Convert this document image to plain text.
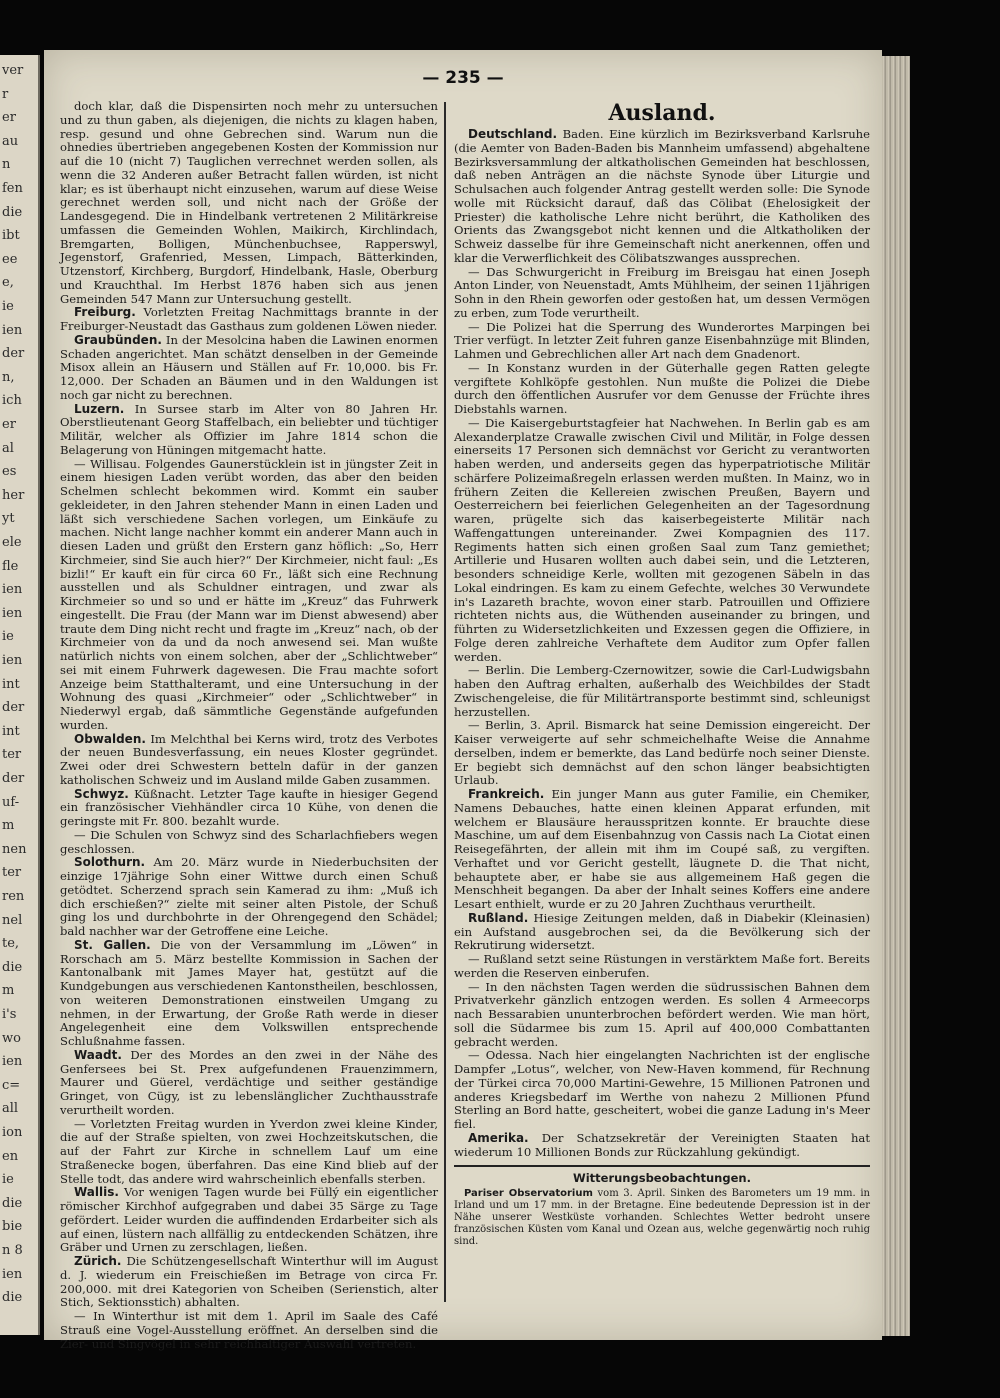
ver
r
er
au
n
fen
die
ibt
ee
e,
ie
ien
der
n,
ich
er
al
es
her
yt
ele
fle
ien
ien
ie
ien
int
der
int
ter
der
uf-
m
nen
ter
ren
nel
te,
die
m
i's
wo
ien
c=
all
ion
en
ie
die
bie
n 8
ien
die
— 235 —

doch klar, daß die Dispensirten noch mehr zu untersuchen und zu thun gaben, als diejenigen, die nichts zu klagen haben, resp. gesund und ohne Gebrechen sind. Warum nun die ohnedies übertrieben angegebenen Kosten der Kommission nur auf die 10 (nicht 7) Tauglichen verrechnet werden sollen, als wenn die 32 Anderen außer Betracht fallen würden, ist nicht klar; es ist überhaupt nicht einzusehen, warum auf diese Weise gerechnet werden soll, und nicht nach der Größe der Landesgegend. Die in Hindelbank vertretenen 2 Militärkreise umfassen die Gemeinden Wohlen, Maikirch, Kirchlindach, Bremgarten, Bolligen, Münchenbuchsee, Rapperswyl, Jegenstorf, Grafenried, Messen, Limpach, Bätterkinden, Utzenstorf, Kirchberg, Burgdorf, Hindelbank, Hasle, Oberburg und Krauchthal. Im Herbst 1876 haben sich aus jenen Gemeinden 547 Mann zur Untersuchung gestellt.

Freiburg. Vorletzten Freitag Nachmittags brannte in der Freiburger-Neustadt das Gasthaus zum goldenen Löwen nieder.

Graubünden. In der Mesolcina haben die Lawinen enormen Schaden angerichtet. Man schätzt denselben in der Gemeinde Misox allein an Häusern und Ställen auf Fr. 10,000. bis Fr. 12,000. Der Schaden an Bäumen und in den Waldungen ist noch gar nicht zu berechnen.

Luzern. In Sursee starb im Alter von 80 Jahren Hr. Oberstlieutenant Georg Staffelbach, ein beliebter und tüchtiger Militär, welcher als Offizier im Jahre 1814 schon die Belagerung von Hüningen mitgemacht hatte.

— Willisau. Folgendes Gaunerstücklein ist in jüngster Zeit in einem hiesigen Laden verübt worden, das aber den beiden Schelmen schlecht bekommen wird. Kommt ein sauber gekleideter, in den Jahren stehender Mann in einen Laden und läßt sich verschiedene Sachen vorlegen, um Einkäufe zu machen. Nicht lange nachher kommt ein anderer Mann auch in diesen Laden und grüßt den Erstern ganz höflich: „So, Herr Kirchmeier, sind Sie auch hier?“ Der Kirchmeier, nicht faul: „Es bizli!“ Er kauft ein für circa 60 Fr., läßt sich eine Rechnung ausstellen und als Schuldner eintragen, und zwar als Kirchmeier so und so und er hätte im „Kreuz“ das Fuhrwerk eingestellt. Die Frau (der Mann war im Dienst abwesend) aber traute dem Ding nicht recht und fragte im „Kreuz“ nach, ob der Kirchmeier von da und da noch anwesend sei. Man wußte natürlich nichts von einem solchen, aber der „Schlichtweber“ sei mit einem Fuhrwerk dagewesen. Die Frau machte sofort Anzeige beim Statthalteramt, und eine Untersuchung in der Wohnung des quasi „Kirchmeier“ oder „Schlichtweber“ in Niederwyl ergab, daß sämmtliche Gegenstände aufgefunden wurden.

Obwalden. Im Melchthal bei Kerns wird, trotz des Verbotes der neuen Bundesverfassung, ein neues Kloster gegründet. Zwei oder drei Schwestern betteln dafür in der ganzen katholischen Schweiz und im Ausland milde Gaben zusammen.

Schwyz. Küßnacht. Letzter Tage kaufte in hiesiger Gegend ein französischer Viehhändler circa 10 Kühe, von denen die geringste mit Fr. 800. bezahlt wurde.

— Die Schulen von Schwyz sind des Scharlachfiebers wegen geschlossen.

Solothurn. Am 20. März wurde in Niederbuchsiten der einzige 17jährige Sohn einer Wittwe durch einen Schuß getödtet. Scherzend sprach sein Kamerad zu ihm: „Muß ich dich erschießen?“ zielte mit seiner alten Pistole, der Schuß ging los und durchbohrte in der Ohrengegend den Schädel; bald nachher war der Getroffene eine Leiche.

St. Gallen. Die von der Versammlung im „Löwen“ in Rorschach am 5. März bestellte Kommission in Sachen der Kantonalbank mit James Mayer hat, gestützt auf die Kundgebungen aus verschiedenen Kantonstheilen, beschlossen, von weiteren Demonstrationen einstweilen Umgang zu nehmen, in der Erwartung, der Große Rath werde in dieser Angelegenheit eine dem Volkswillen entsprechende Schlußnahme fassen.

Waadt. Der des Mordes an den zwei in der Nähe des Genfersees bei St. Prex aufgefundenen Frauenzimmern, Maurer und Güerel, verdächtige und seither geständige Gringet, von Cügy, ist zu lebenslänglicher Zuchthausstrafe verurtheilt worden.

— Vorletzten Freitag wurden in Yverdon zwei kleine Kinder, die auf der Straße spielten, von zwei Hochzeitskutschen, die auf der Fahrt zur Kirche in schnellem Lauf um eine Straßenecke bogen, überfahren. Das eine Kind blieb auf der Stelle todt, das andere wird wahrscheinlich ebenfalls sterben.

Wallis. Vor wenigen Tagen wurde bei Füllý ein eigentlicher römischer Kirchhof aufgegraben und dabei 35 Särge zu Tage gefördert. Leider wurden die auffindenden Erdarbeiter sich als auf einen, lüstern nach allfällig zu entdeckenden Schätzen, ihre Gräber und Urnen zu zerschlagen, ließen.

Zürich. Die Schützengesellschaft Winterthur will im August d. J. wiederum ein Freischießen im Betrage von circa Fr. 200,000. mit drei Kategorien von Scheiben (Serienstich, alter Stich, Sektionsstich) abhalten.

— In Winterthur ist mit dem 1. April im Saale des Café Strauß eine Vogel-Ausstellung eröffnet. An derselben sind die Zier- und Singvögel in sehr reichhaltiger Auswahl vertreten.

Ausland.

Deutschland. Baden. Eine kürzlich im Bezirksverband Karlsruhe (die Aemter von Baden-Baden bis Mannheim umfassend) abgehaltene Bezirksversammlung der altkatholischen Gemeinden hat beschlossen, daß neben Anträgen an die nächste Synode über Liturgie und Schulsachen auch folgender Antrag gestellt werden solle: Die Synode wolle mit Rücksicht darauf, daß das Cölibat (Ehelosigkeit der Priester) die katholische Lehre nicht berührt, die Katholiken des Orients das Zwangsgebot nicht kennen und die Altkatholiken der Schweiz dasselbe für ihre Gemeinschaft nicht anerkennen, offen und klar die Verwerflichkeit des Cölibatszwanges aussprechen.

— Das Schwurgericht in Freiburg im Breisgau hat einen Joseph Anton Linder, von Neuenstadt, Amts Mühlheim, der seinen 11jährigen Sohn in den Rhein geworfen oder gestoßen hat, um dessen Vermögen zu erben, zum Tode verurtheilt.

— Die Polizei hat die Sperrung des Wunderortes Marpingen bei Trier verfügt. In letzter Zeit fuhren ganze Eisenbahnzüge mit Blinden, Lahmen und Gebrechlichen aller Art nach dem Gnadenort.

— In Konstanz wurden in der Güterhalle gegen Ratten gelegte vergiftete Kohlköpfe gestohlen. Nun mußte die Polizei die Diebe durch den öffentlichen Ausrufer vor dem Genusse der Früchte ihres Diebstahls warnen.

— Die Kaisergeburtstagfeier hat Nachwehen. In Berlin gab es am Alexanderplatze Crawalle zwischen Civil und Militär, in Folge dessen einerseits 17 Personen sich demnächst vor Gericht zu verantworten haben werden, und anderseits gegen das hyperpatriotische Militär schärfere Polizeimaßregeln erlassen werden mußten. In Mainz, wo in frühern Zeiten die Kellereien zwischen Preußen, Bayern und Oesterreichern bei feierlichen Gelegenheiten an der Tagesordnung waren, prügelte sich das kaiserbegeisterte Militär nach Waffengattungen untereinander. Zwei Kompagnien des 117. Regiments hatten sich einen großen Saal zum Tanz gemiethet; Artillerie und Husaren wollten auch dabei sein, und die Letzteren, besonders schneidige Kerle, wollten mit gezogenen Säbeln in das Lokal eindringen. Es kam zu einem Gefechte, welches 30 Verwundete in's Lazareth brachte, wovon einer starb. Patrouillen und Offiziere richteten nichts aus, die Wüthenden auseinander zu bringen, und führten zu Widersetzlichkeiten und Exzessen gegen die Offiziere, in Folge deren zahlreiche Verhaftete dem Auditor zum Opfer fallen werden.

— Berlin. Die Lemberg-Czernowitzer, sowie die Carl-Ludwigsbahn haben den Auftrag erhalten, außerhalb des Weichbildes der Stadt Zwischengeleise, die für Militärtransporte bestimmt sind, schleunigst herzustellen.

— Berlin, 3. April. Bismarck hat seine Demission eingereicht. Der Kaiser verweigerte auf sehr schmeichelhafte Weise die Annahme derselben, indem er bemerkte, das Land bedürfe noch seiner Dienste. Er begiebt sich demnächst auf den schon länger beabsichtigten Urlaub.

Frankreich. Ein junger Mann aus guter Familie, ein Chemiker, Namens Debauches, hatte einen kleinen Apparat erfunden, mit welchem er Blausäure herausspritzen konnte. Er brauchte diese Maschine, um auf dem Eisenbahnzug von Cassis nach La Ciotat einen Reisegefährten, der allein mit ihm im Coupé saß, zu vergiften. Verhaftet und vor Gericht gestellt, läugnete D. die That nicht, behauptete aber, er habe sie aus allgemeinem Haß gegen die Menschheit begangen. Da aber der Inhalt seines Koffers eine andere Lesart enthielt, wurde er zu 20 Jahren Zuchthaus verurtheilt.

Rußland. Hiesige Zeitungen melden, daß in Diabekir (Kleinasien) ein Aufstand ausgebrochen sei, da die Bevölkerung sich der Rekrutirung widersetzt.

— Rußland setzt seine Rüstungen in verstärktem Maße fort. Bereits werden die Reserven einberufen.

— In den nächsten Tagen werden die südrussischen Bahnen dem Privatverkehr gänzlich entzogen werden. Es sollen 4 Armeecorps nach Bessarabien ununterbrochen befördert werden. Wie man hört, soll die Südarmee bis zum 15. April auf 400,000 Combattanten gebracht werden.

— Odessa. Nach hier eingelangten Nachrichten ist der englische Dampfer „Lotus“, welcher, von New-Haven kommend, für Rechnung der Türkei circa 70,000 Martini-Gewehre, 15 Millionen Patronen und anderes Kriegsbedarf im Werthe von nahezu 2 Millionen Pfund Sterling an Bord hatte, gescheitert, wobei die ganze Ladung in's Meer fiel.

Amerika. Der Schatzsekretär der Vereinigten Staaten hat wiederum 10 Millionen Bonds zur Rückzahlung gekündigt.

Witterungsbeobachtungen.

Pariser Observatorium vom 3. April. Sinken des Barometers um 19 mm. in Irland und um 17 mm. in der Bretagne. Eine bedeutende Depression ist in der Nähe unserer Westküste vorhanden. Schlechtes Wetter bedroht unsere französischen Küsten vom Kanal und Ozean aus, welche gegenwärtig noch ruhig sind.
